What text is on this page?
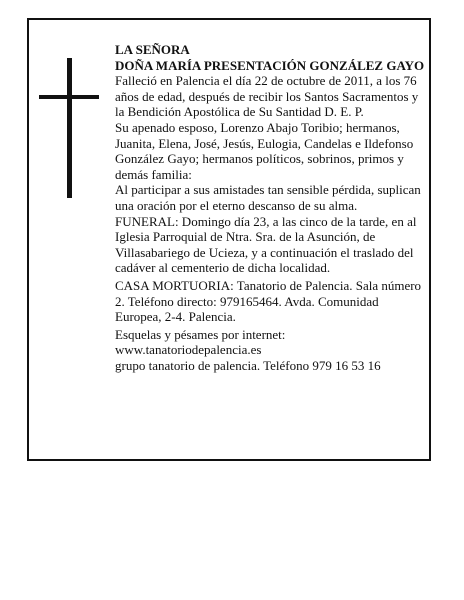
LA SEÑORA

DOÑA MARÍA PRESENTACIÓN GONZÁLEZ GAYO

Falleció en Palencia el día 22 de octubre de 2011, a los 76 años de edad, después de recibir los Santos Sacramentos y la Bendición Apostólica de Su Santidad D. E. P.

Su apenado esposo, Lorenzo Abajo Toribio; hermanos, Juanita, Elena, José, Jesús, Eulogia, Candelas e Ildefonso González Gayo; hermanos políticos, sobrinos, primos y demás familia:

Al participar a sus amistades tan sensible pérdida, suplican una oración por el eterno descanso de su alma.

FUNERAL: Domingo día 23, a las cinco de la tarde, en al Iglesia Parroquial de Ntra. Sra. de la Asunción, de Villasabariego de Ucieza, y a continuación el traslado del cadáver al cementerio de dicha localidad.

CASA MORTUORIA: Tanatorio de Palencia. Sala número 2. Teléfono directo: 979165464. Avda. Comunidad Europea, 2-4. Palencia.

Esquelas y pésames por internet: www.tanatoriodepalencia.es

grupo tanatorio de palencia. Teléfono 979 16 53 16
